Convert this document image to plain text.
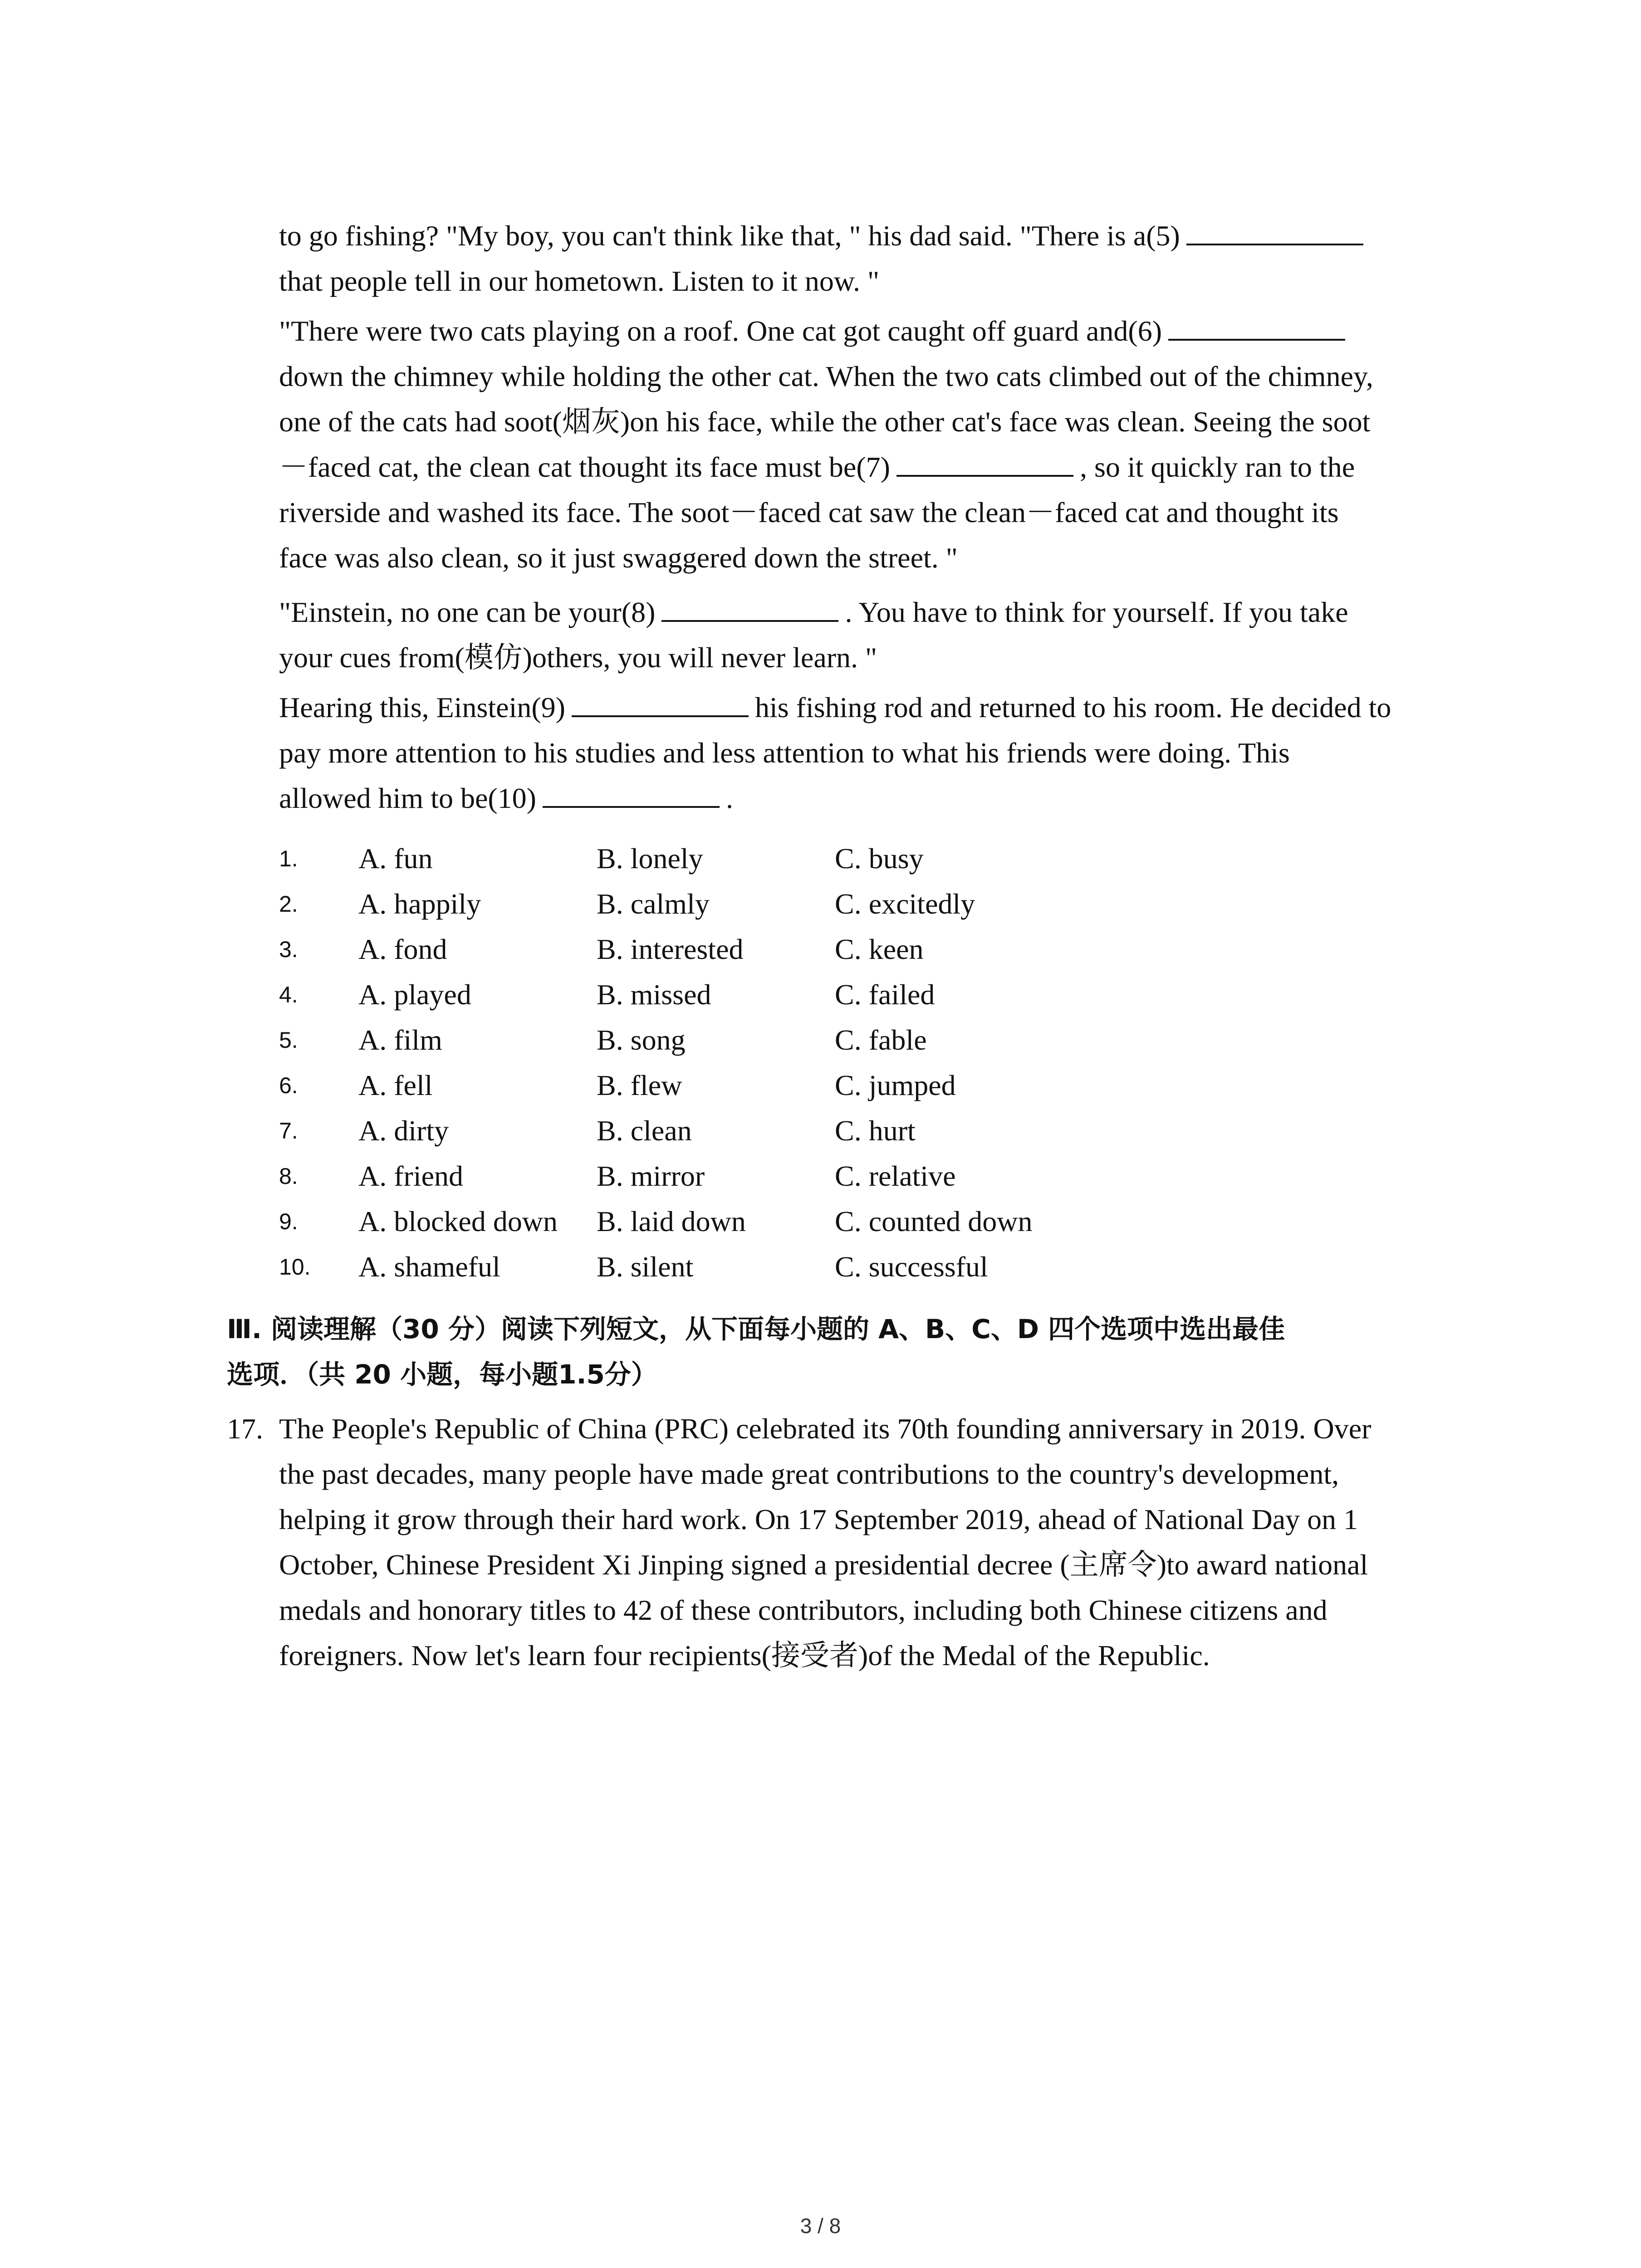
to go fishing? "My boy, you can't think like that, " his dad said. "There is a(5)
that people tell in our hometown. Listen to it now. "
"There were two cats playing on a roof. One cat got caught off guard and(6)
down the chimney while holding the other cat. When the two cats climbed out of the chimney,
one of the cats had soot(烟灰)on his face, while the other cat's face was clean. Seeing the soot
－faced cat, the clean cat thought its face must be(7)	, so it quickly ran to the
riverside and washed its face. The soot－faced cat saw the clean－faced cat and thought its
face was also clean, so it just swaggered down the street. "
"Einstein, no one can be your(8)	. You have to think for yourself. If you take
your cues from(模仿)others, you will never learn. "
Hearing this, Einstein(9)	his fishing rod and returned to his room. He decided to
pay more attention to his studies and less attention to what his friends were doing. This
allowed him to be(10)	.
1. A. fun	B. lonely	C. busy
2. A. happily	B. calmly	C. excitedly
3. A. fond	B. interested	C. keen
4. A. played	B. missed	C. failed
5. A. film	B. song	C. fable
6. A. fell	B. flew	C. jumped
7. A. dirty	B. clean	C. hurt
8. A. friend	B. mirror	C. relative
9. A. blocked down B. laid down	C. counted down
10. A. shameful	B. silent	C. successful
Ⅲ. 阅读理解（30 分）阅读下列短文，从下面每小题的 A、B、C、D 四个选项中选出最佳
选项．（共 20 小题，每小题1.5分）
17. The People's Republic of China (PRC) celebrated its 70th founding anniversary in 2019. Over
the past decades, many people have made great contributions to the country's development,
helping it grow through their hard work. On 17 September 2019, ahead of National Day on 1
October, Chinese President Xi Jinping signed a presidential decree (主席令)to award national
medals and honorary titles to 42 of these contributors, including both Chinese citizens and
foreigners. Now let's learn four recipients(接受者)of the Medal of the Republic.
3 / 8
